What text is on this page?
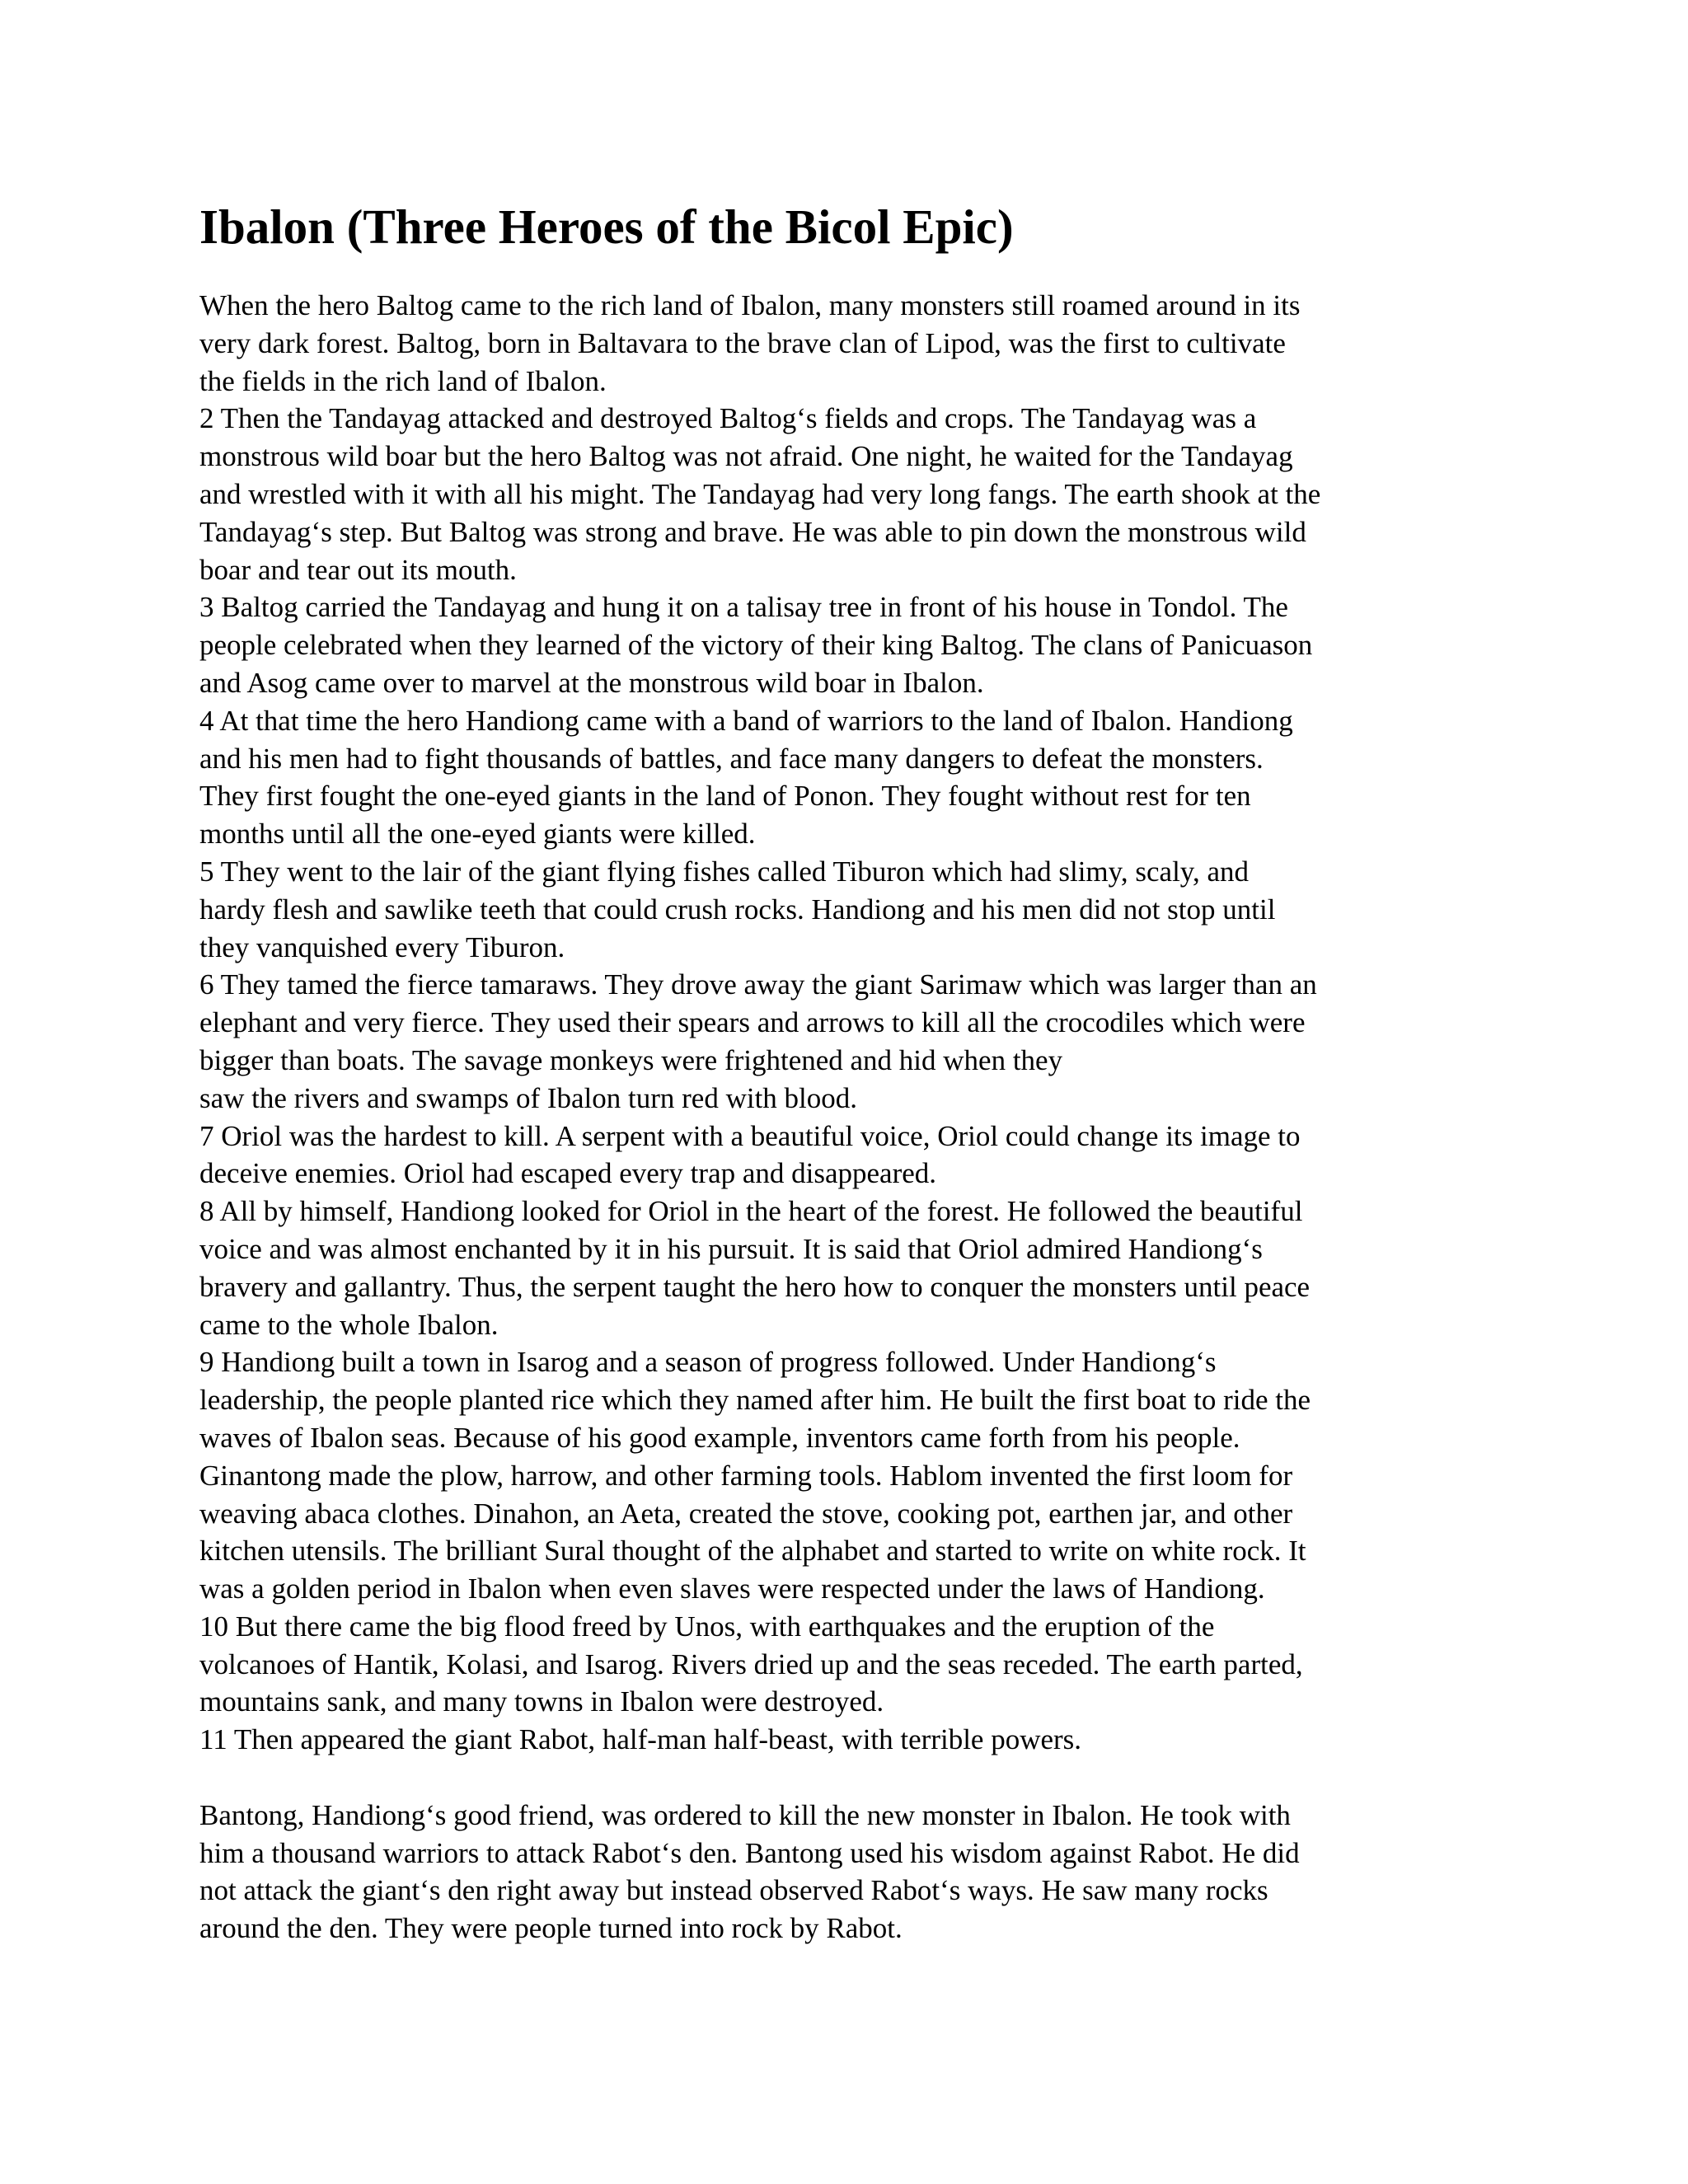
Ibalon (Three Heroes of the Bicol Epic)
When the hero Baltog came to the rich land of Ibalon, many monsters still roamed around in its
very dark forest. Baltog, born in Baltavara to the brave clan of Lipod, was the first to cultivate
the fields in the rich land of Ibalon.
2 Then the Tandayag attacked and destroyed Baltog‘s fields and crops. The Tandayag was a
monstrous wild boar but the hero Baltog was not afraid. One night, he waited for the Tandayag
and wrestled with it with all his might. The Tandayag had very long fangs. The earth shook at the
Tandayag‘s step. But Baltog was strong and brave. He was able to pin down the monstrous wild
boar and tear out its mouth.
3 Baltog carried the Tandayag and hung it on a talisay tree in front of his house in Tondol. The
people celebrated when they learned of the victory of their king Baltog. The clans of Panicuason
and Asog came over to marvel at the monstrous wild boar in Ibalon.
4 At that time the hero Handiong came with a band of warriors to the land of Ibalon. Handiong
and his men had to fight thousands of battles, and face many dangers to defeat the monsters.
They first fought the one-eyed giants in the land of Ponon. They fought without rest for ten
months until all the one-eyed giants were killed.
5 They went to the lair of the giant flying fishes called Tiburon which had slimy, scaly, and
hardy flesh and sawlike teeth that could crush rocks. Handiong and his men did not stop until
they vanquished every Tiburon.
6 They tamed the fierce tamaraws. They drove away the giant Sarimaw which was larger than an
elephant and very fierce. They used their spears and arrows to kill all the crocodiles which were
bigger than boats. The savage monkeys were frightened and hid when they
saw the rivers and swamps of Ibalon turn red with blood.
7 Oriol was the hardest to kill. A serpent with a beautiful voice, Oriol could change its image to
deceive enemies. Oriol had escaped every trap and disappeared.
8 All by himself, Handiong looked for Oriol in the heart of the forest. He followed the beautiful
voice and was almost enchanted by it in his pursuit. It is said that Oriol admired Handiong‘s
bravery and gallantry. Thus, the serpent taught the hero how to conquer the monsters until peace
came to the whole Ibalon.
9 Handiong built a town in Isarog and a season of progress followed. Under Handiong‘s
leadership, the people planted rice which they named after him. He built the first boat to ride the
waves of Ibalon seas. Because of his good example, inventors came forth from his people.
Ginantong made the plow, harrow, and other farming tools. Hablom invented the first loom for
weaving abaca clothes. Dinahon, an Aeta, created the stove, cooking pot, earthen jar, and other
kitchen utensils. The brilliant Sural thought of the alphabet and started to write on white rock. It
was a golden period in Ibalon when even slaves were respected under the laws of Handiong.
10 But there came the big flood freed by Unos, with earthquakes and the eruption of the
volcanoes of Hantik, Kolasi, and Isarog. Rivers dried up and the seas receded. The earth parted,
mountains sank, and many towns in Ibalon were destroyed.
11 Then appeared the giant Rabot, half-man half-beast, with terrible powers.
Bantong, Handiong‘s good friend, was ordered to kill the new monster in Ibalon. He took with
him a thousand warriors to attack Rabot‘s den. Bantong used his wisdom against Rabot. He did
not attack the giant‘s den right away but instead observed Rabot‘s ways. He saw many rocks
around the den. They were people turned into rock by Rabot.
